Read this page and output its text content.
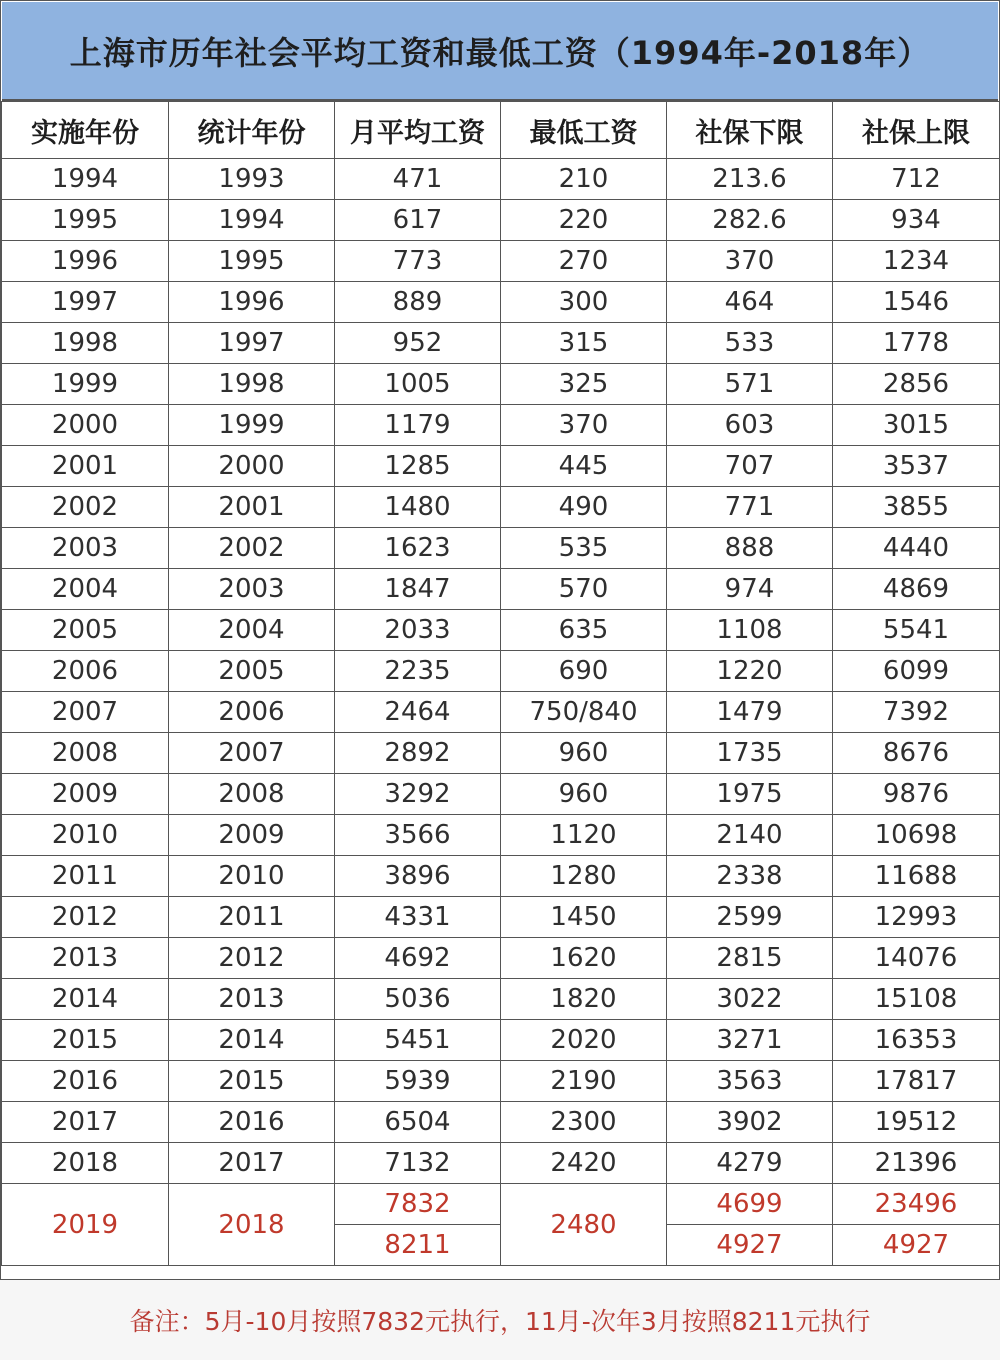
上海市历年社会平均工资和最低工资（1994年-2018年）
实施年份	统计年份	月平均工资	最低工资	社保下限	社保上限
1994	1993	471	210	213.6	712
1995	1994	617	220	282.6	934
1996	1995	773	270	370	1234
1997	1996	889	300	464	1546
1998	1997	952	315	533	1778
1999	1998	1005	325	571	2856
2000	1999	1179	370	603	3015
2001	2000	1285	445	707	3537
2002	2001	1480	490	771	3855
2003	2002	1623	535	888	4440
2004	2003	1847	570	974	4869
2005	2004	2033	635	1108	5541
2006	2005	2235	690	1220	6099
2007	2006	2464	750/840	1479	7392
2008	2007	2892	960	1735	8676
2009	2008	3292	960	1975	9876
2010	2009	3566	1120	2140	10698
2011	2010	3896	1280	2338	11688
2012	2011	4331	1450	2599	12993
2013	2012	4692	1620	2815	14076
2014	2013	5036	1820	3022	15108
2015	2014	5451	2020	3271	16353
2016	2015	5939	2190	3563	17817
2017	2016	6504	2300	3902	19512
2018	2017	7132	2420	4279	21396
2019	2018	7832	2480	4699	23496
		8211		4927	4927
备注：5月-10月按照7832元执行，11月-次年3月按照8211元执行
